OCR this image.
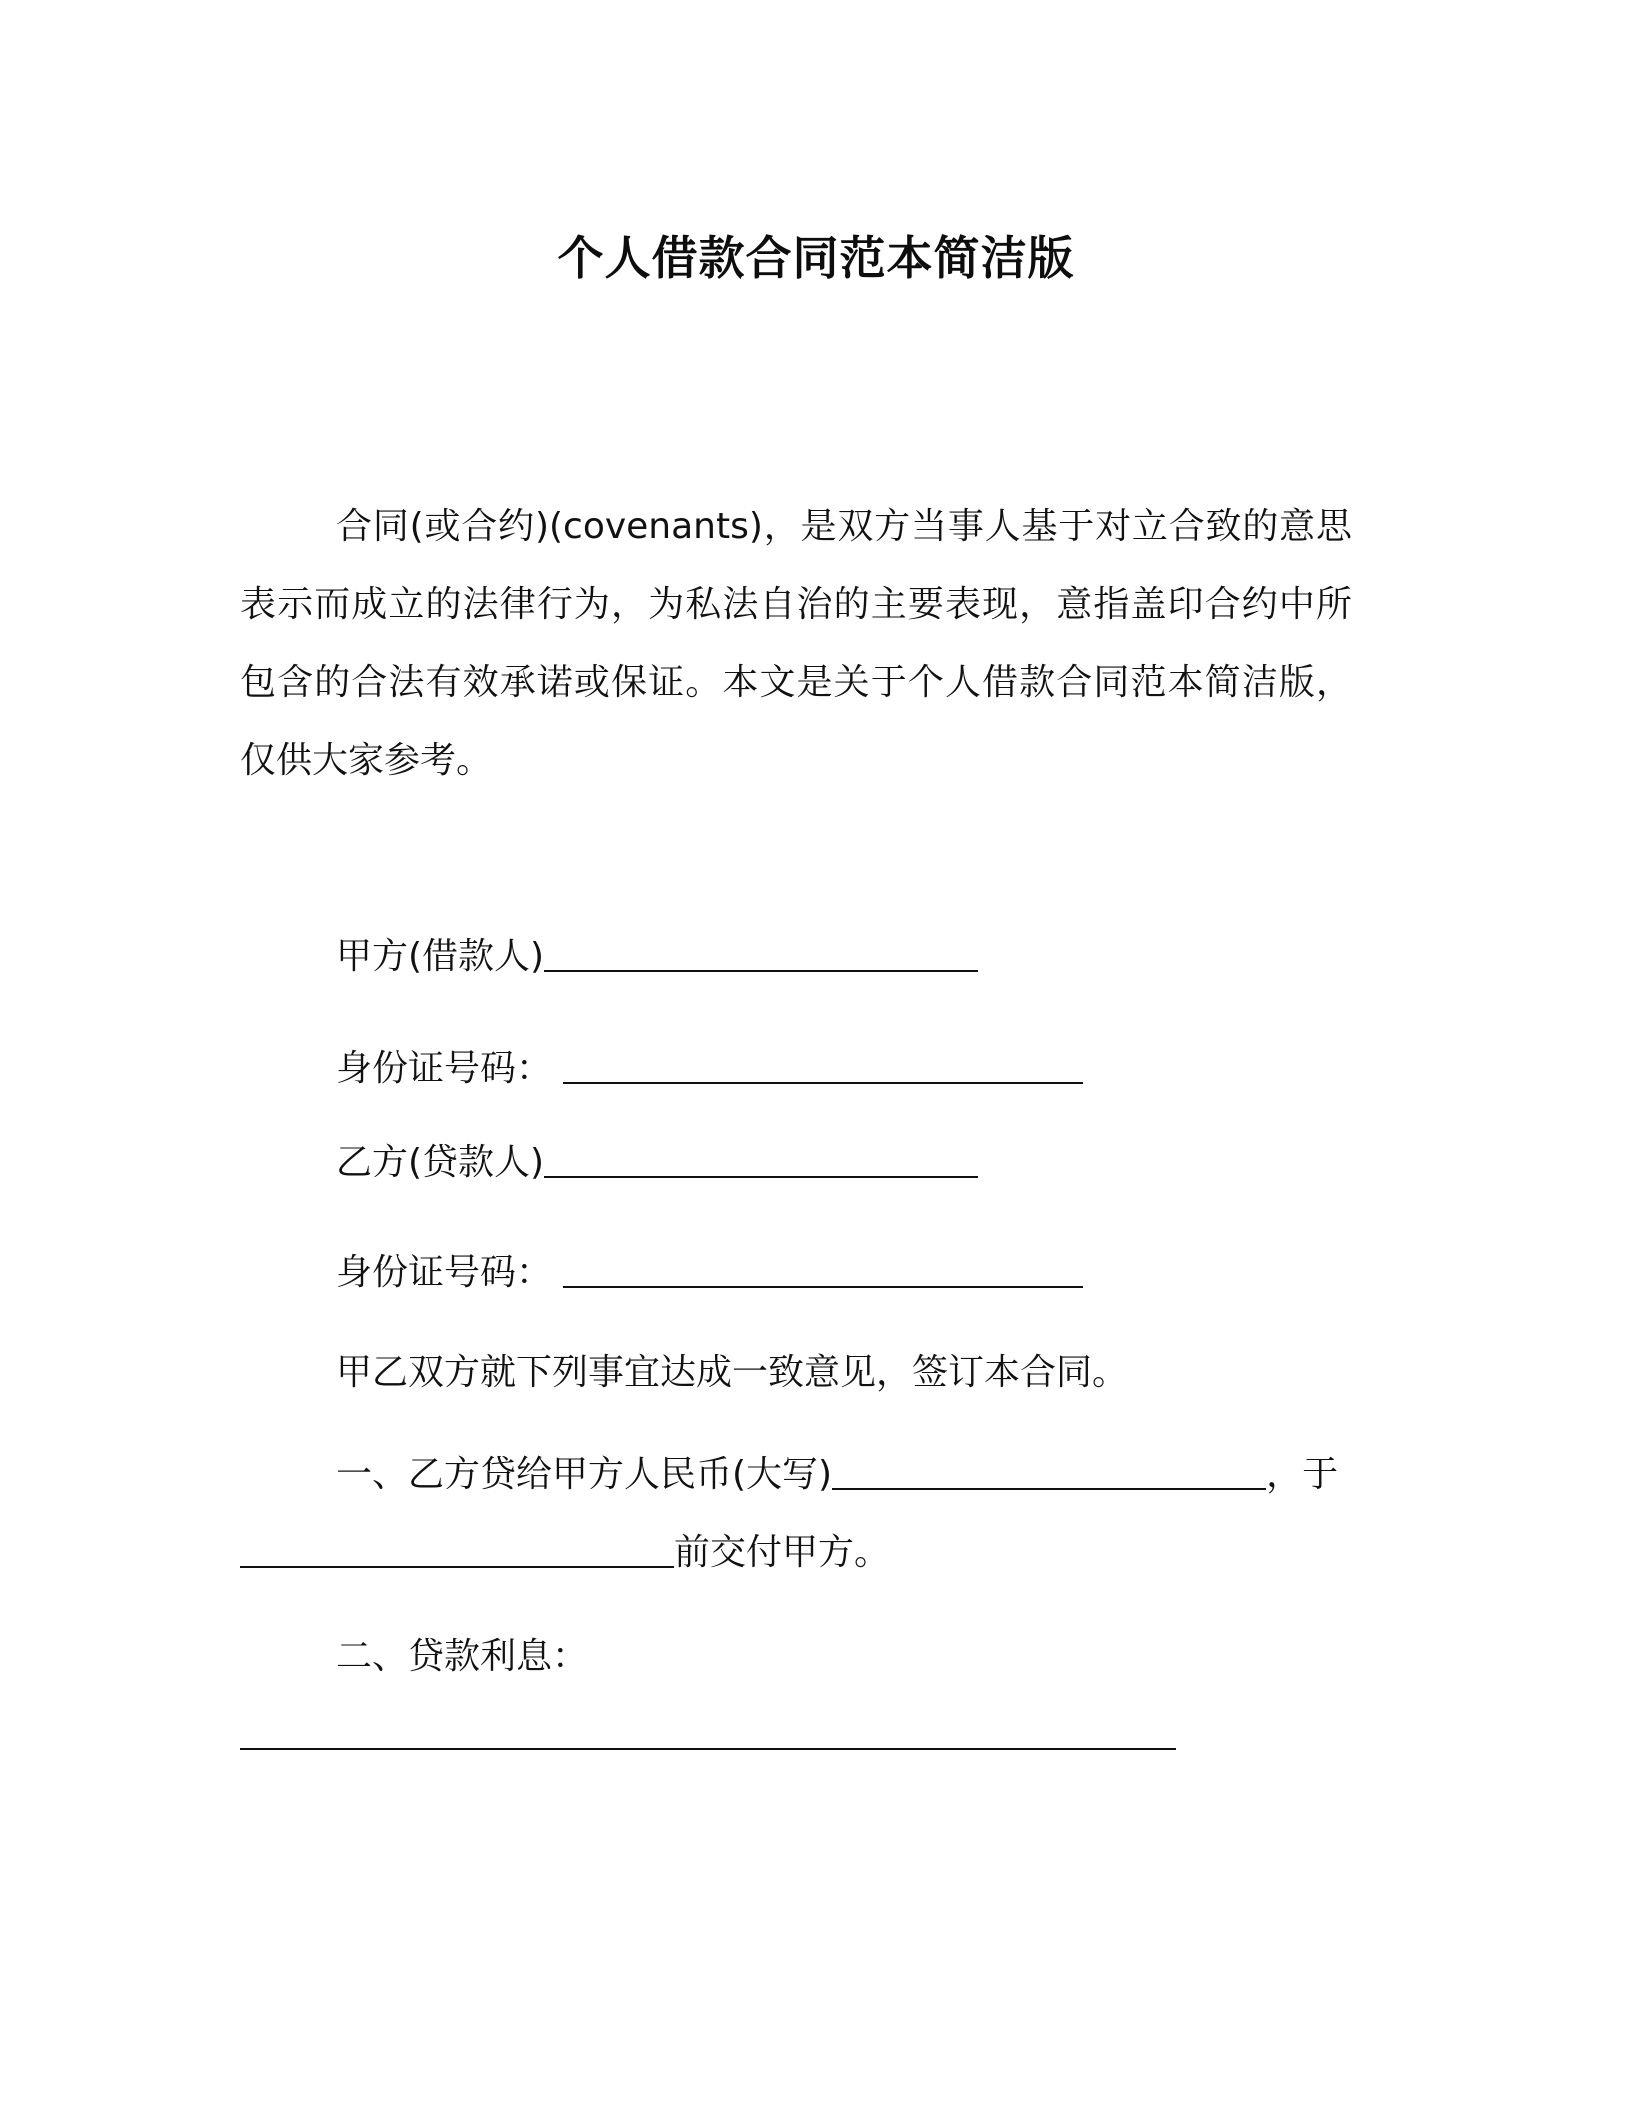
个人借款合同范本简洁版

合同(或合约)(covenants)，是双方当事人基于对立合致的意思表示而成立的法律行为，为私法自治的主要表现，意指盖印合约中所包含的合法有效承诺或保证。本文是关于个人借款合同范本简洁版，仅供大家参考。

甲方(借款人)

身份证号码：

乙方(贷款人)

身份证号码：

甲乙双方就下列事宜达成一致意见，签订本合同。

一、乙方贷给甲方人民币(大写)	，于

前交付甲方。

二、贷款利息：
